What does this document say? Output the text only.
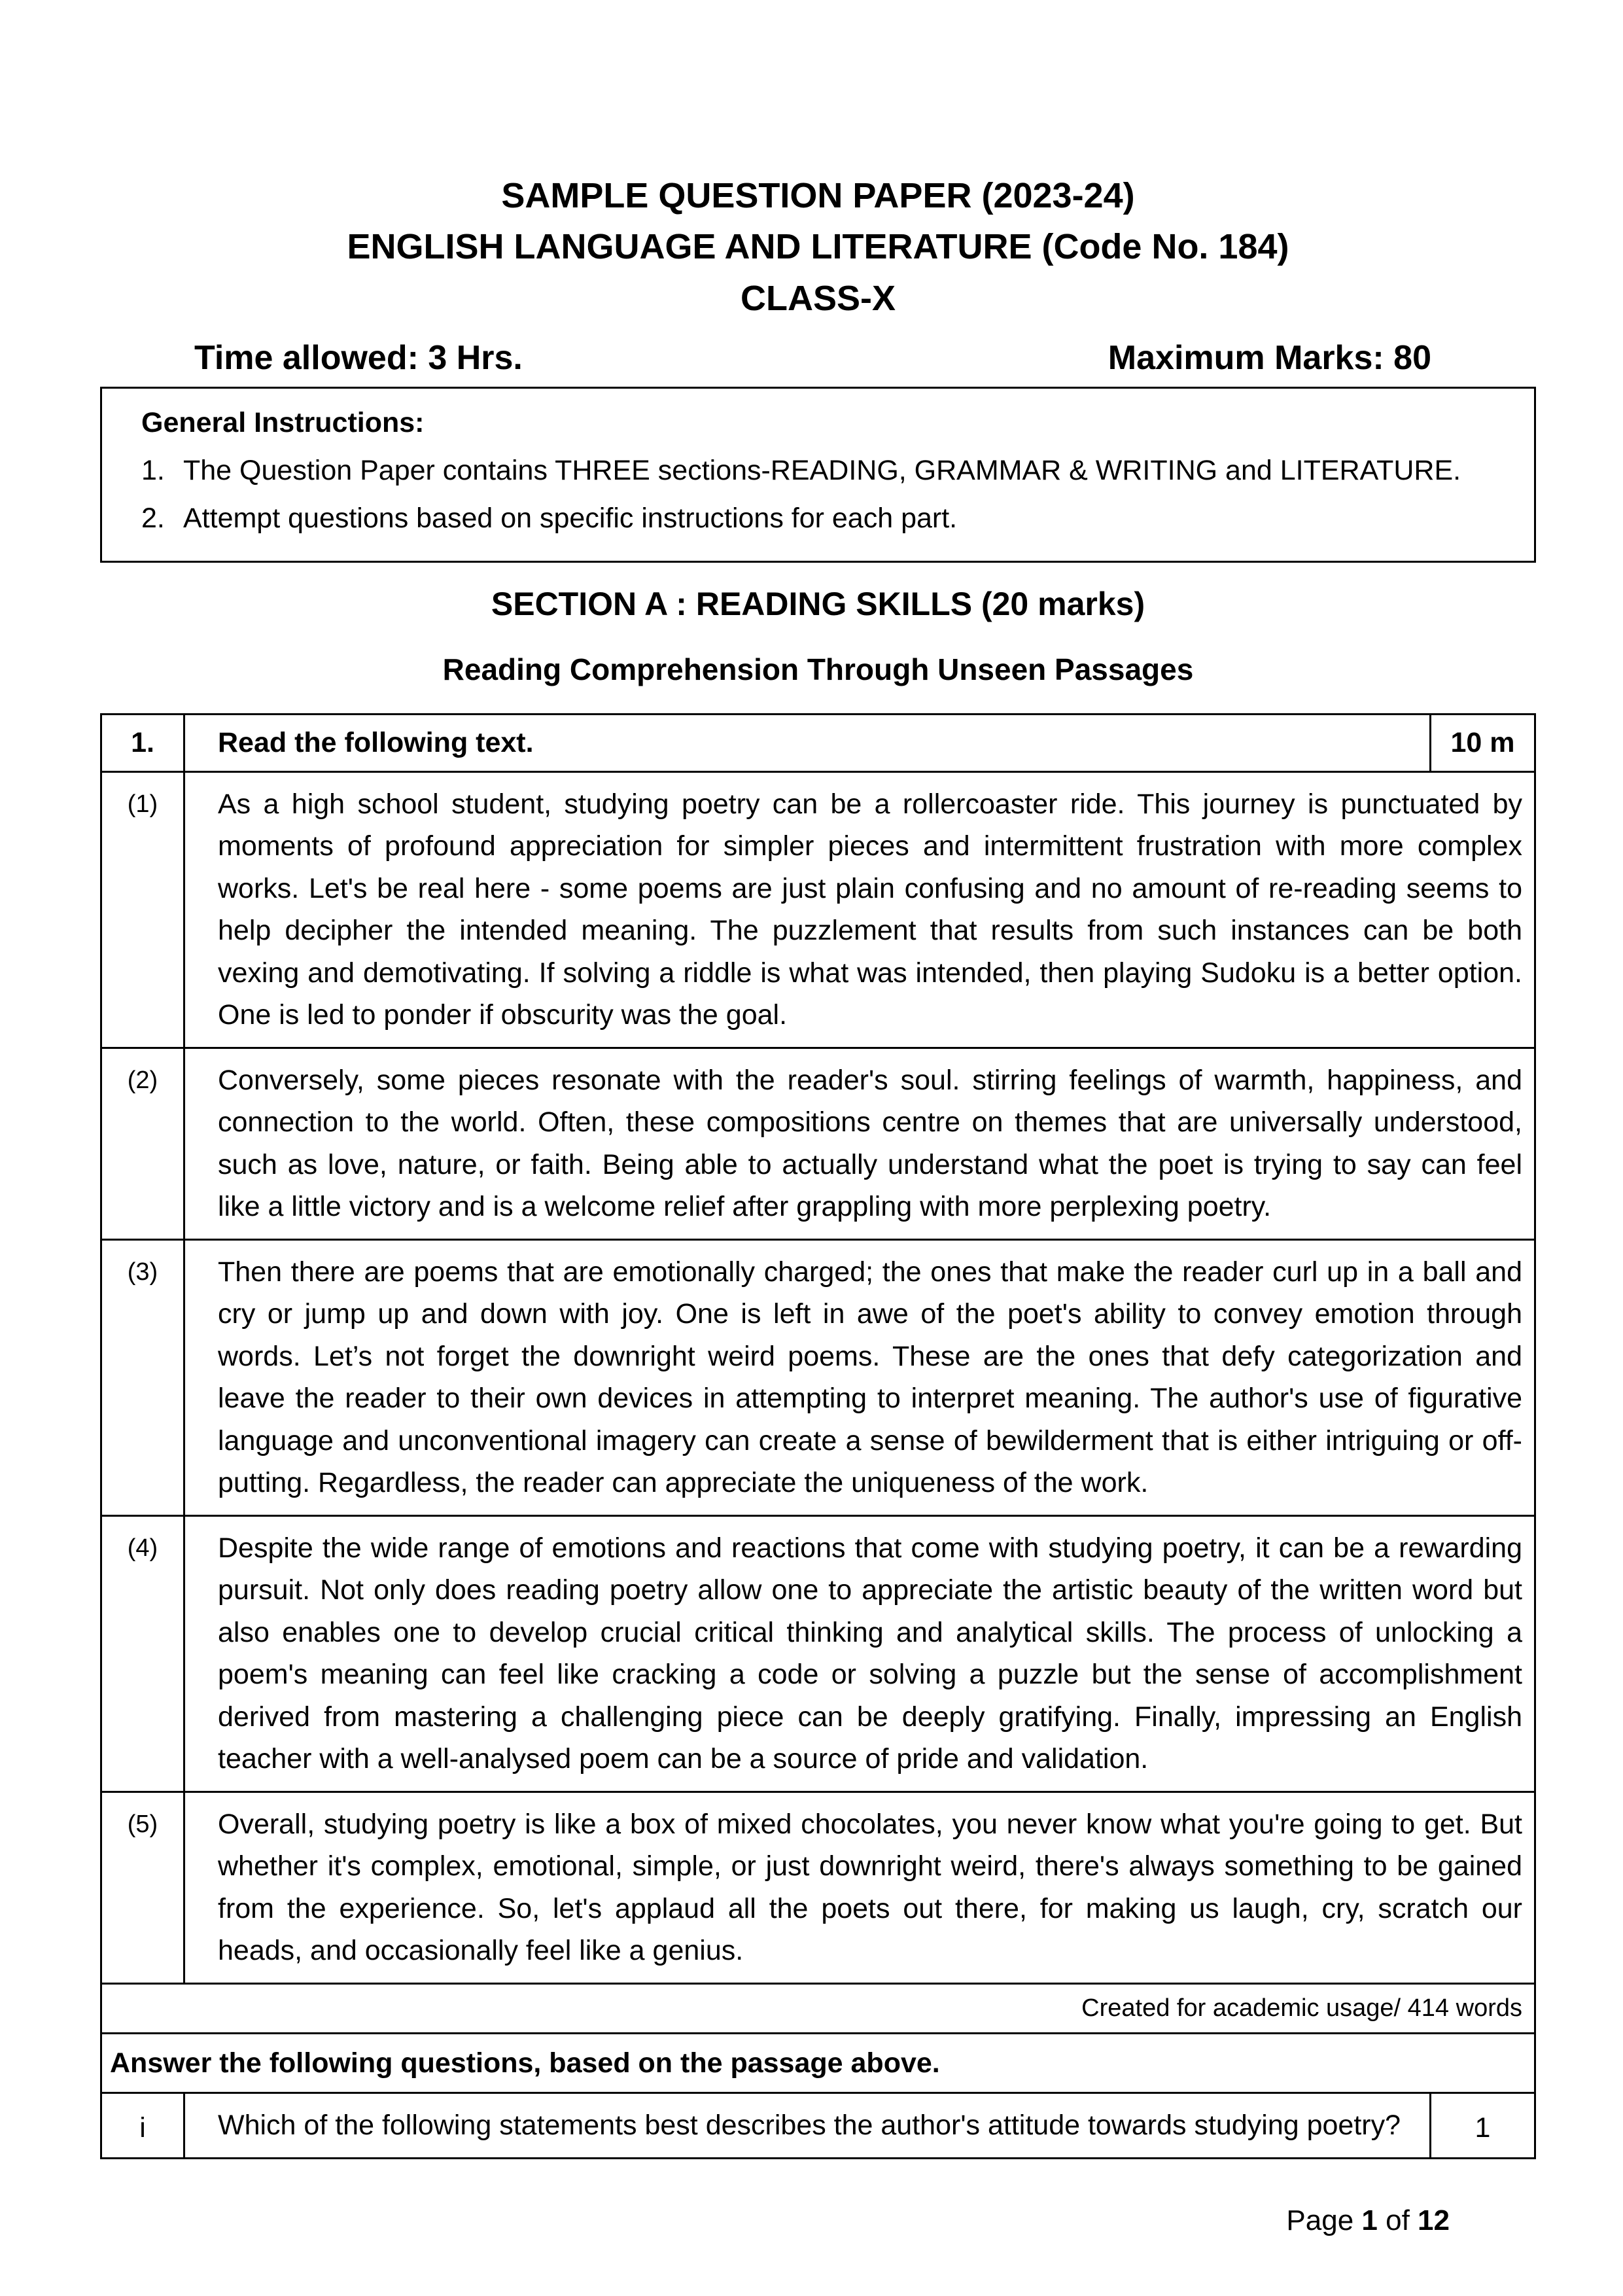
SAMPLE QUESTION PAPER (2023-24)
ENGLISH LANGUAGE AND LITERATURE (Code No. 184)
CLASS-X
Time allowed: 3 Hrs.	Maximum Marks: 80
General Instructions:
1. The Question Paper contains THREE sections-READING, GRAMMAR & WRITING and LITERATURE.
2. Attempt questions based on specific instructions for each part.
SECTION A : READING SKILLS (20 marks)
Reading Comprehension Through Unseen Passages
1.	Read the following text.	10 m
(1)	As a high school student, studying poetry can be a rollercoaster ride. This journey is punctuated by moments of profound appreciation for simpler pieces and intermittent frustration with more complex works. Let's be real here - some poems are just plain confusing and no amount of re-reading seems to help decipher the intended meaning. The puzzlement that results from such instances can be both vexing and demotivating. If solving a riddle is what was intended, then playing Sudoku is a better option. One is led to ponder if obscurity was the goal.	
(2)	Conversely, some pieces resonate with the reader's soul. stirring feelings of warmth, happiness, and connection to the world. Often, these compositions centre on themes that are universally understood, such as love, nature, or faith. Being able to actually understand what the poet is trying to say can feel like a little victory and is a welcome relief after grappling with more perplexing poetry.	
(3)	Then there are poems that are emotionally charged; the ones that make the reader curl up in a ball and cry or jump up and down with joy. One is left in awe of the poet's ability to convey emotion through words. Let’s not forget the downright weird poems. These are the ones that defy categorization and leave the reader to their own devices in attempting to interpret meaning. The author's use of figurative language and unconventional imagery can create a sense of bewilderment that is either intriguing or off-putting. Regardless, the reader can appreciate the uniqueness of the work.	
(4)	Despite the wide range of emotions and reactions that come with studying poetry, it can be a rewarding pursuit. Not only does reading poetry allow one to appreciate the artistic beauty of the written word but also enables one to develop crucial critical thinking and analytical skills. The process of unlocking a poem's meaning can feel like cracking a code or solving a puzzle but the sense of accomplishment derived from mastering a challenging piece can be deeply gratifying. Finally, impressing an English teacher with a well-analysed poem can be a source of pride and validation.	
(5)	Overall, studying poetry is like a box of mixed chocolates, you never know what you're going to get. But whether it's complex, emotional, simple, or just downright weird, there's always something to be gained from the experience. So, let's applaud all the poets out there, for making us laugh, cry, scratch our heads, and occasionally feel like a genius.	
Created for academic usage/ 414 words		
Answer the following questions, based on the passage above.		
i	Which of the following statements best describes the author's attitude towards studying poetry?	1
Page 1 of 12
